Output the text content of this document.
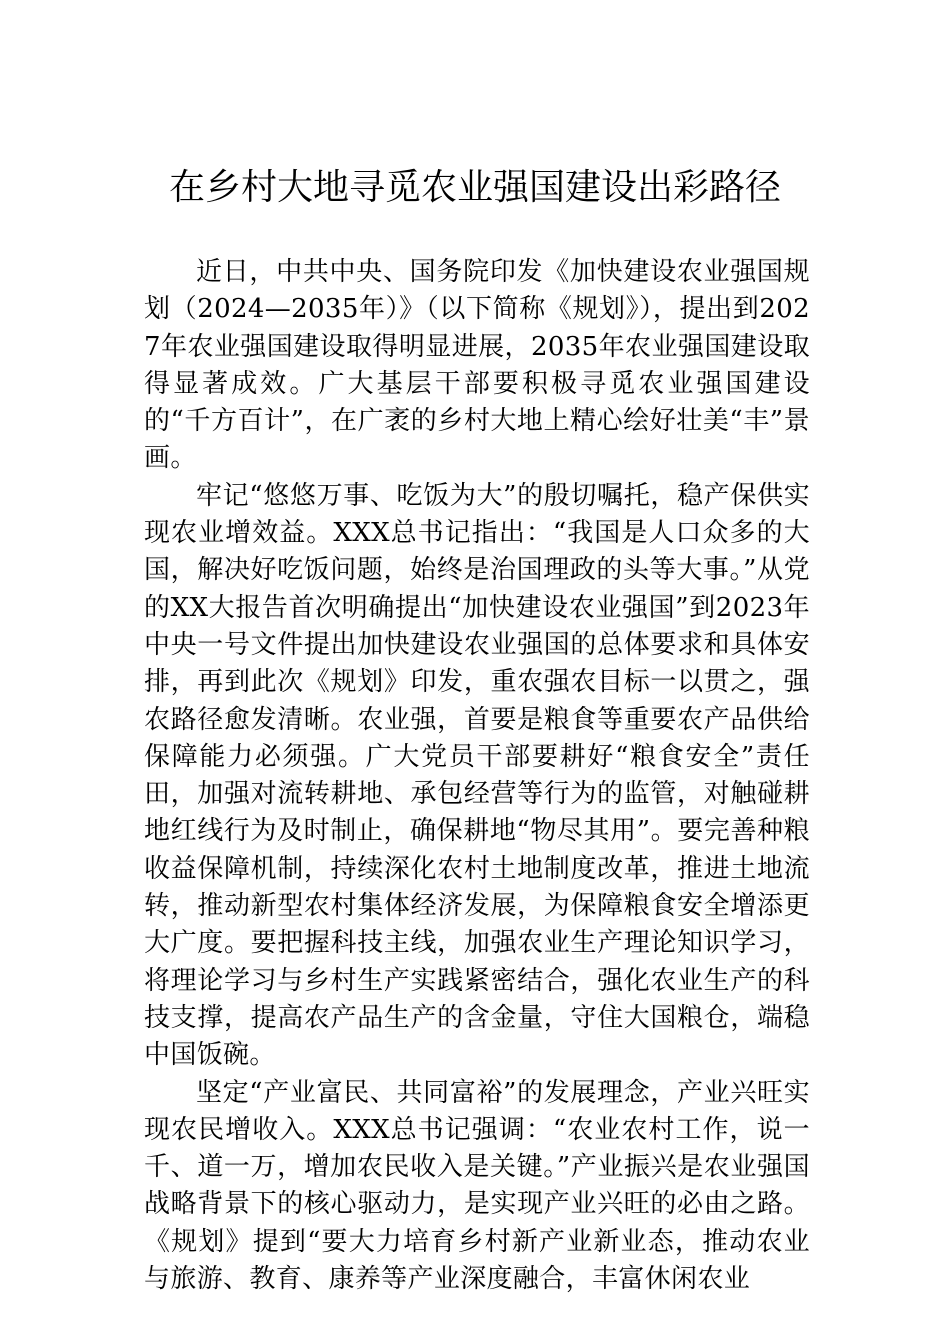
在乡村大地寻觅农业强国建设出彩路径

近日，中共中央、国务院印发《加快建设农业强国规划（2024—2035年）》（以下简称《规划》），提出到2027年农业强国建设取得明显进展，2035年农业强国建设取得显著成效。广大基层干部要积极寻觅农业强国建设的“千方百计”，在广袤的乡村大地上精心绘好壮美“丰”景画。

牢记“悠悠万事、吃饭为大”的殷切嘱托，稳产保供实现农业增效益。XXX总书记指出：“我国是人口众多的大国，解决好吃饭问题，始终是治国理政的头等大事。”从党的XX大报告首次明确提出“加快建设农业强国”到2023年中央一号文件提出加快建设农业强国的总体要求和具体安排，再到此次《规划》印发，重农强农目标一以贯之，强农路径愈发清晰。农业强，首要是粮食等重要农产品供给保障能力必须强。广大党员干部要耕好“粮食安全”责任田，加强对流转耕地、承包经营等行为的监管，对触碰耕地红线行为及时制止，确保耕地“物尽其用”。要完善种粮收益保障机制，持续深化农村土地制度改革，推进土地流转，推动新型农村集体经济发展，为保障粮食安全增添更大广度。要把握科技主线，加强农业生产理论知识学习，将理论学习与乡村生产实践紧密结合，强化农业生产的科技支撑，提高农产品生产的含金量，守住大国粮仓，端稳中国饭碗。

坚定“产业富民、共同富裕”的发展理念，产业兴旺实现农民增收入。XXX总书记强调：“农业农村工作，说一千、道一万，增加农民收入是关键。”产业振兴是农业强国战略背景下的核心驱动力，是实现产业兴旺的必由之路。《规划》提到“要大力培育乡村新产业新业态，推动农业与旅游、教育、康养等产业深度融合，丰富休闲农业
